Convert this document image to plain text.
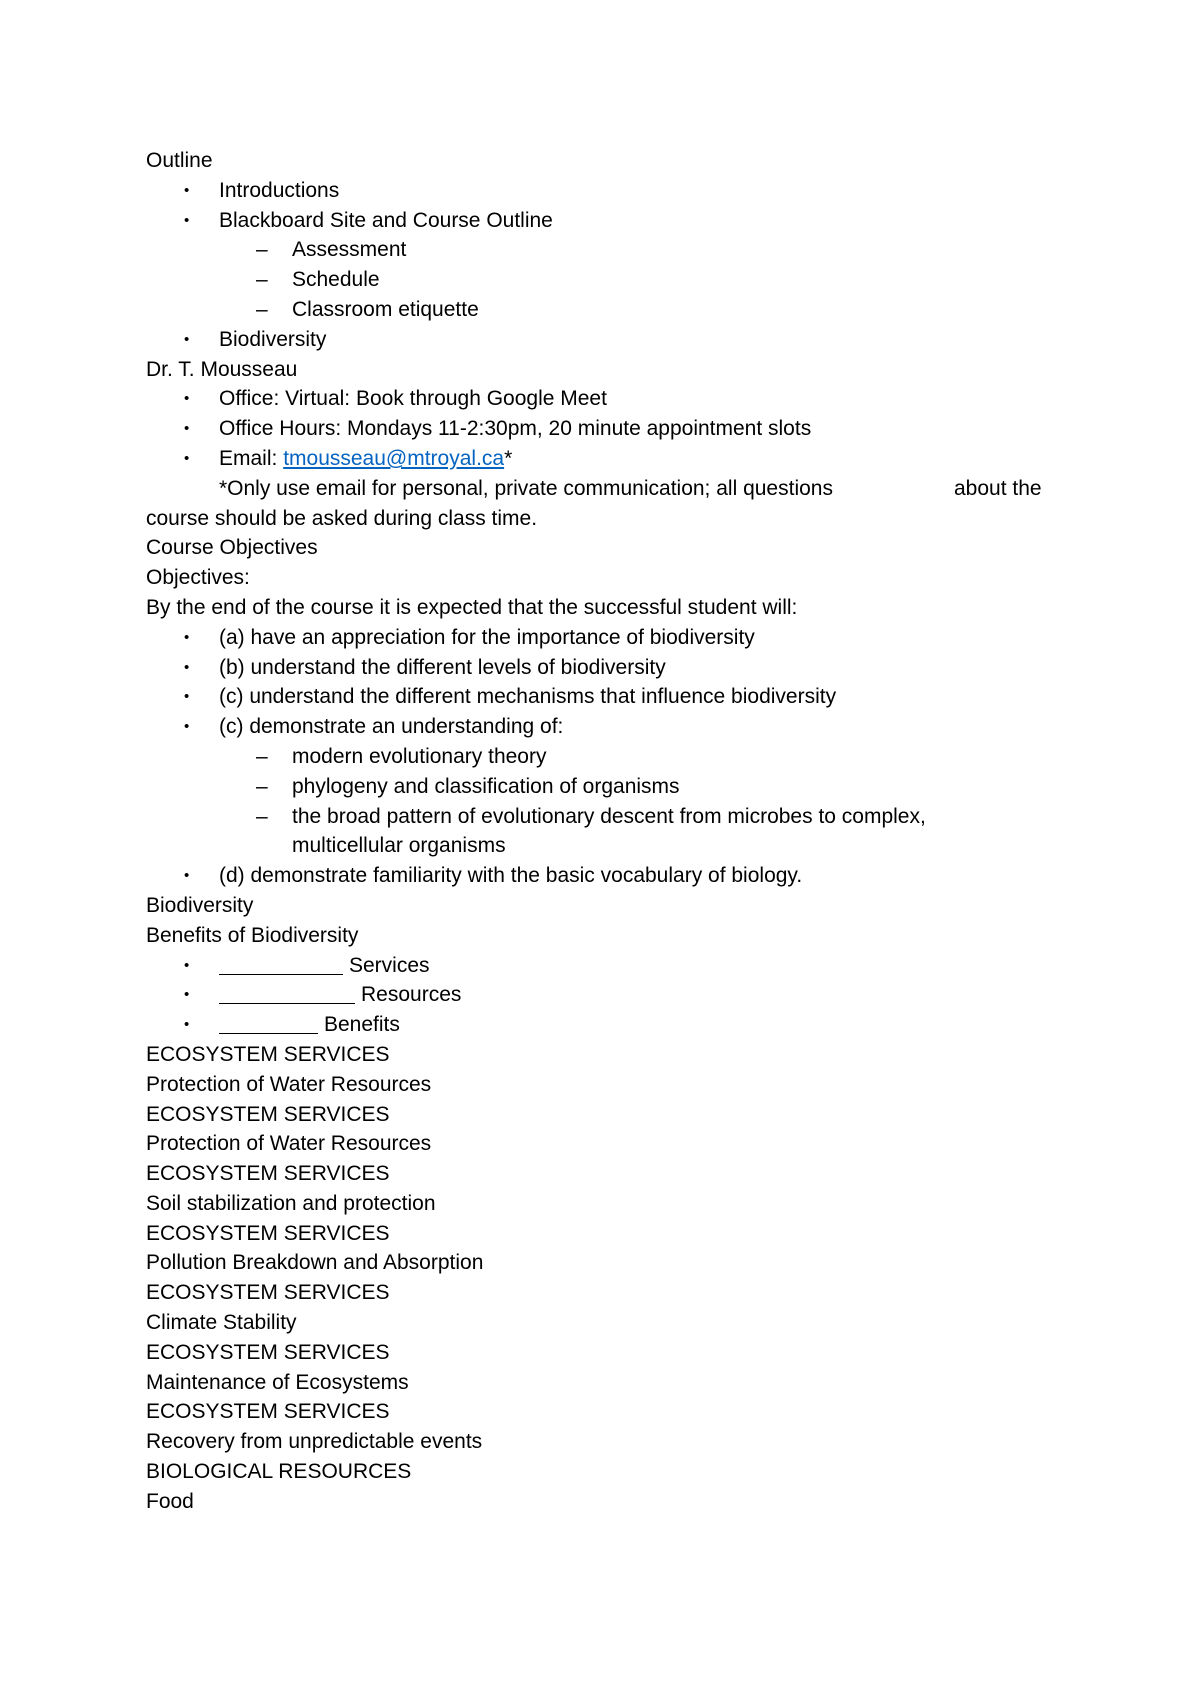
Outline
• Introductions
• Blackboard Site and Course Outline
– Assessment
– Schedule
– Classroom etiquette
• Biodiversity
Dr. T. Mousseau
• Office: Virtual: Book through Google Meet
• Office Hours: Mondays 11-2:30pm, 20 minute appointment slots
• Email: tmousseau@mtroyal.ca*
*Only use email for personal, private communication; all questions	about the
course should be asked during class time.
Course Objectives
Objectives:
By the end of the course it is expected that the successful student will:
• (a) have an appreciation for the importance of biodiversity
• (b) understand the different levels of biodiversity
• (c) understand the different mechanisms that influence biodiversity
• (c) demonstrate an understanding of:
– modern evolutionary theory
– phylogeny and classification of organisms
– the broad pattern of evolutionary descent from microbes to complex,
multicellular organisms
• (d) demonstrate familiarity with the basic vocabulary of biology.
Biodiversity
Benefits of Biodiversity
•	Services
•	Resources
•	Benefits
ECOSYSTEM SERVICES
Protection of Water Resources
ECOSYSTEM SERVICES
Protection of Water Resources
ECOSYSTEM SERVICES
Soil stabilization and protection
ECOSYSTEM SERVICES
Pollution Breakdown and Absorption
ECOSYSTEM SERVICES
Climate Stability
ECOSYSTEM SERVICES
Maintenance of Ecosystems
ECOSYSTEM SERVICES
Recovery from unpredictable events
BIOLOGICAL RESOURCES
Food
